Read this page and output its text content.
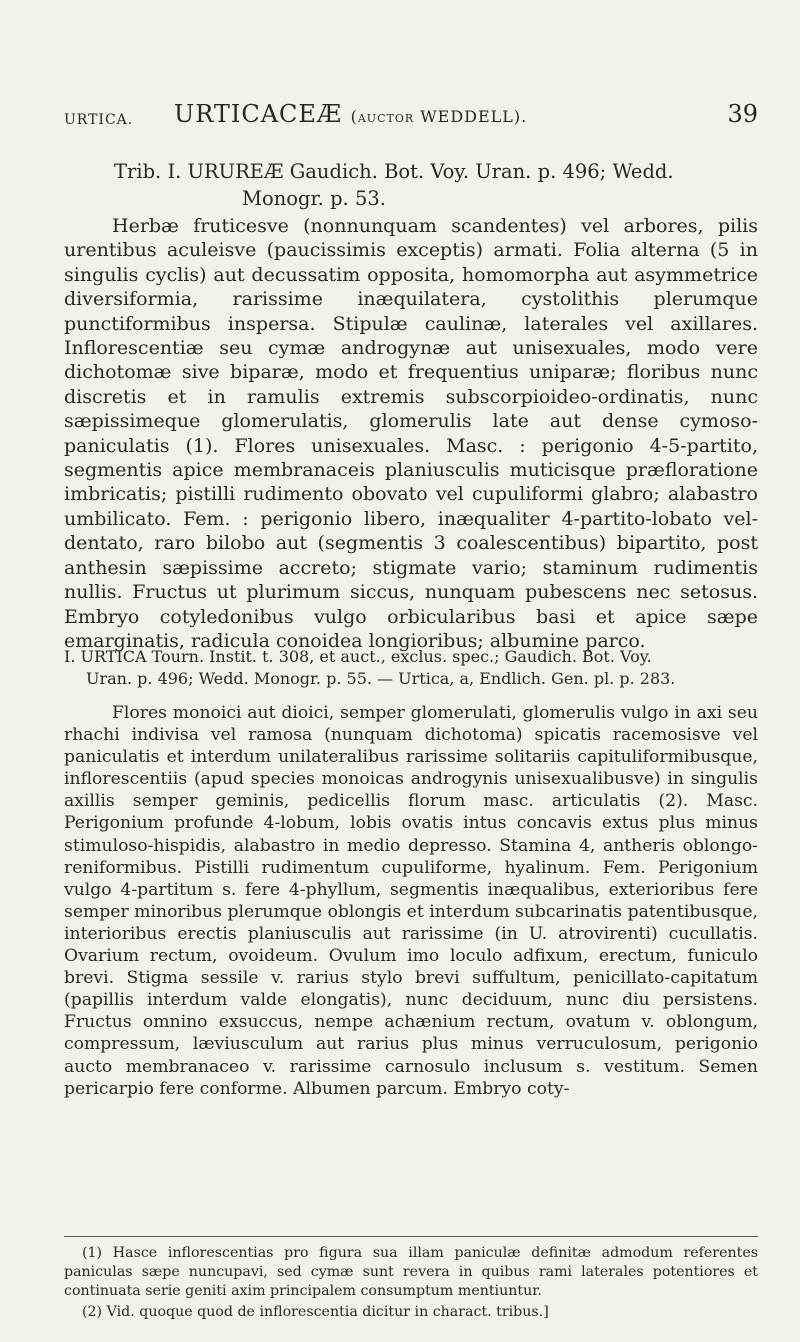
URTICA. URTICACEÆ (auctor WEDDELL).	39
Trib. I. URUREÆ Gaudich. Bot. Voy. Uran. p. 496; Wedd.
Monogr. p. 53.

Herbæ fruticesve (nonnunquam scandentes) vel arbores, pilis urentibus aculeisve (paucissimis exceptis) armati. Folia alterna (5 in singulis cyclis) aut decussatim opposita, homomorpha aut asymmetrice diversiformia, rarissime inæquilatera, cystolithis plerumque punctiformibus inspersa. Stipulæ caulinæ, laterales vel axillares. Inflorescentiæ seu cymæ androgynæ aut unisexuales, modo vere dichotomæ sive biparæ, modo et frequentius uniparæ; floribus nunc discretis et in ramulis extremis subscorpioideo-ordinatis, nunc sæpissimeque glomerulatis, glomerulis late aut dense cymoso-paniculatis (1). Flores unisexuales. Masc. : perigonio 4-5-partito, segmentis apice membranaceis planiusculis muticisque præfloratione imbricatis; pistilli rudimento obovato vel cupuliformi glabro; alabastro umbilicato. Fem. : perigonio libero, inæqualiter 4-partito-lobato vel-dentato, raro bilobo aut (segmentis 3 coalescentibus) bipartito, post anthesin sæpissime accreto; stigmate vario; staminum rudimentis nullis. Fructus ut plurimum siccus, nunquam pubescens nec setosus. Embryo cotyledonibus vulgo orbicularibus basi et apice sæpe emarginatis, radicula conoidea longioribus; albumine parco.

I. URTICA Tourn. Instit. t. 308, et auct., exclus. spec.; Gaudich. Bot. Voy.
Uran. p. 496; Wedd. Monogr. p. 55. — Urtica, a, Endlich. Gen. pl. p. 283.

Flores monoici aut dioici, semper glomerulati, glomerulis vulgo in axi seu rhachi indivisa vel ramosa (nunquam dichotoma) spicatis racemosisve vel paniculatis et interdum unilateralibus rarissime solitariis capituliformibusque, inflorescentiis (apud species monoicas androgynis unisexualibusve) in singulis axillis semper geminis, pedicellis florum masc. articulatis (2). Masc. Perigonium profunde 4-lobum, lobis ovatis intus concavis extus plus minus stimuloso-hispidis, alabastro in medio depresso. Stamina 4, antheris oblongo-reniformibus. Pistilli rudimentum cupuliforme, hyalinum. Fem. Perigonium vulgo 4-partitum s. fere 4-phyllum, segmentis inæqualibus, exterioribus fere semper minoribus plerumque oblongis et interdum subcarinatis patentibusque, interioribus erectis planiusculis aut rarissime (in U. atrovirenti) cucullatis. Ovarium rectum, ovoideum. Ovulum imo loculo adfixum, erectum, funiculo brevi. Stigma sessile v. rarius stylo brevi suffultum, penicillato-capitatum (papillis interdum valde elongatis), nunc deciduum, nunc diu persistens. Fructus omnino exsuccus, nempe achænium rectum, ovatum v. oblongum, compressum, læviusculum aut rarius plus minus verruculosum, perigonio aucto membranaceo v. rarissime carnosulo inclusum s. vestitum. Semen pericarpio fere conforme. Albumen parcum. Embryo coty-

(1) Hasce inflorescentias pro figura sua illam paniculæ definitæ admodum referentes paniculas sæpe nuncupavi, sed cymæ sunt revera in quibus rami laterales potentiores et continuata serie geniti axim principalem consumptum mentiuntur.

(2) Vid. quoque quod de inflorescentia dicitur in charact. tribus.]
